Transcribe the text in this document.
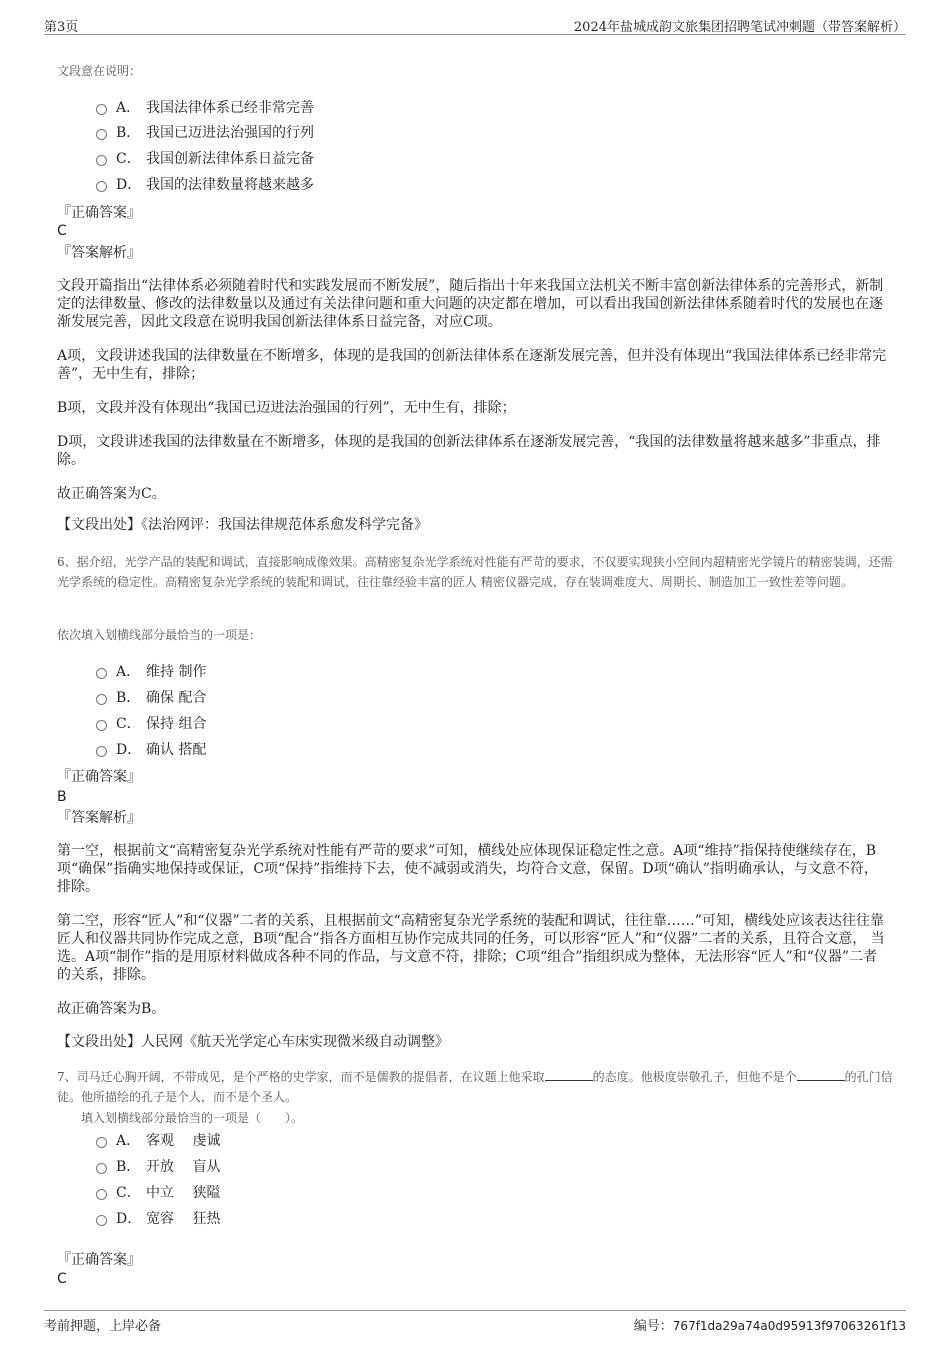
第3页	2024年盐城成韵文旅集团招聘笔试冲刺题（带答案解析）
文段意在说明：
A． 我国法律体系已经非常完善
B． 我国已迈进法治强国的行列
C． 我国创新法律体系日益完备
D． 我国的法律数量将越来越多
『正确答案』
C
『答案解析』
文段开篇指出“法律体系必须随着时代和实践发展而不断发展”，随后指出十年来我国立法机关不断丰富创新法律体系的完善形式，新制定的法律数量、修改的法律数量以及通过有关法律问题和重大问题的决定都在增加，可以看出我国创新法律体系随着时代的发展也在逐渐发展完善，因此文段意在说明我国创新法律体系日益完备，对应C项。
A项，文段讲述我国的法律数量在不断增多，体现的是我国的创新法律体系在逐渐发展完善，但并没有体现出“我国法律体系已经非常完善”，无中生有，排除；
B项，文段并没有体现出“我国已迈进法治强国的行列”，无中生有，排除；
D项，文段讲述我国的法律数量在不断增多，体现的是我国的创新法律体系在逐渐发展完善，“我国的法律数量将越来越多”非重点，排除。
故正确答案为C。
【文段出处】《法治网评：我国法律规范体系愈发科学完备》
6、据介绍，光学产品的装配和调试，直接影响成像效果。高精密复杂光学系统对性能有严苛的要求，不仅要实现狭小空间内超精密光学镜片的精密装调，还需 光学系统的稳定性。高精密复杂光学系统的装配和调试，往往靠经验丰富的匠人 精密仪器完成，存在装调难度大、周期长、制造加工一致性差等问题。
依次填入划横线部分最恰当的一项是：
A． 维持 制作
B． 确保 配合
C． 保持 组合
D． 确认 搭配
『正确答案』
B
『答案解析』
第一空，根据前文“高精密复杂光学系统对性能有严苛的要求”可知，横线处应体现保证稳定性之意。A项“维持”指保持使继续存在，B项“确保”指确实地保持或保证，C项“保持”指维持下去，使不减弱或消失，均符合文意，保留。D项“确认”指明确承认，与文意不符，排除。
第二空，形容“匠人”和“仪器”二者的关系，且根据前文“高精密复杂光学系统的装配和调试，往往靠……”可知，横线处应该表达往往靠匠人和仪器共同协作完成之意，B项“配合”指各方面相互协作完成共同的任务，可以形容“匠人”和“仪器”二者的关系，且符合文意， 当选。A项“制作”指的是用原材料做成各种不同的作品，与文意不符，排除；C项“组合”指组织成为整体，无法形容“匠人”和“仪器”二者的关系，排除。
故正确答案为B。
【文段出处】人民网《航天光学定心车床实现微米级自动调整》
7、司马迁心胸开阔，不带成见，是个严格的史学家，而不是儒教的提倡者，在议题上他采取	的态度。他极度崇敬孔子，但他不是个	的孔门信徒。他所描绘的孔子是个人，而不是个圣人。
填入划横线部分最恰当的一项是（　　）。
A． 客观　 虔诚
B． 开放　 盲从
C． 中立　 狭隘
D． 宽容　 狂热
『正确答案』
C
考前押题，上岸必备	编号：767f1da29a74a0d95913f97063261f13
